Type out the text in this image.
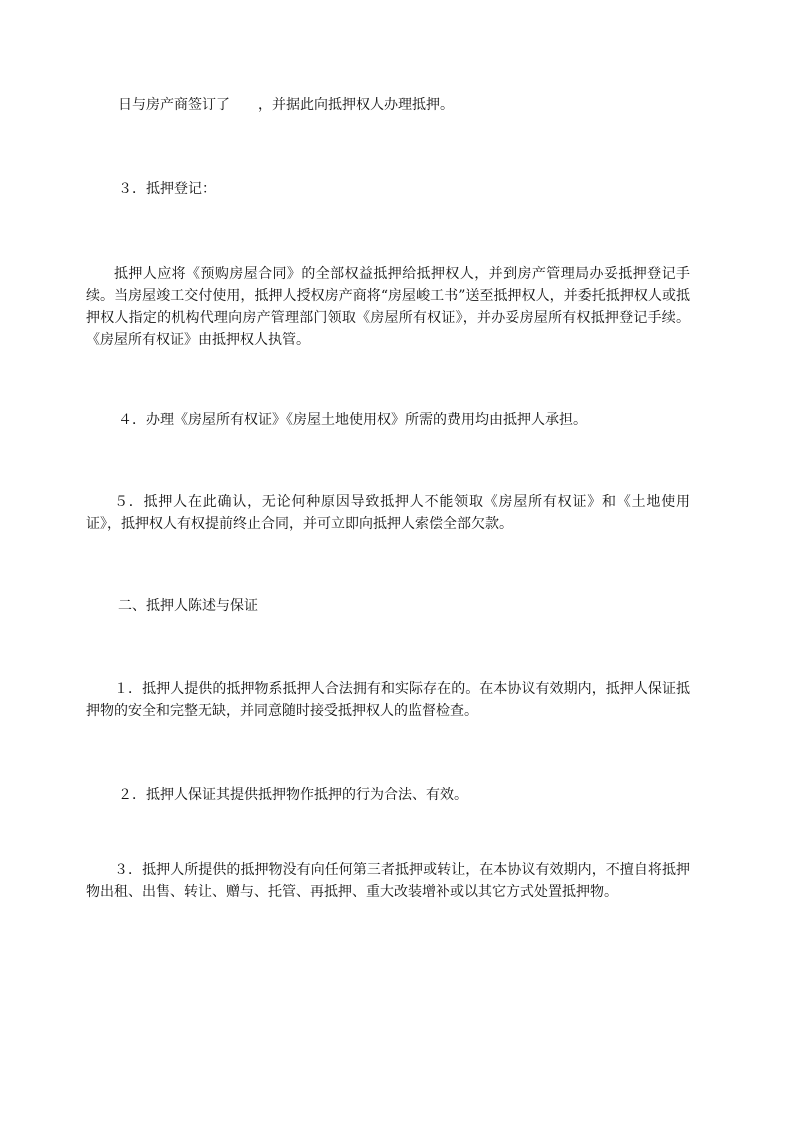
日与房产商签订了　　，并据此向抵押权人办理抵押。

３．抵押登记：

抵押人应将《预购房屋合同》的全部权益抵押给抵押权人，并到房产管理局办妥抵押登记手续。当房屋竣工交付使用，抵押人授权房产商将“房屋峻工书”送至抵押权人，并委托抵押权人或抵押权人指定的机构代理向房产管理部门领取《房屋所有权证》，并办妥房屋所有权抵押登记手续。《房屋所有权证》由抵押权人执管。

４．办理《房屋所有权证》《房屋土地使用权》所需的费用均由抵押人承担。

５．抵押人在此确认，无论何种原因导致抵押人不能领取《房屋所有权证》和《土地使用证》，抵押权人有权提前终止合同，并可立即向抵押人索偿全部欠款。

二、抵押人陈述与保证

１．抵押人提供的抵押物系抵押人合法拥有和实际存在的。在本协议有效期内，抵押人保证抵押物的安全和完整无缺，并同意随时接受抵押权人的监督检查。

２．抵押人保证其提供抵押物作抵押的行为合法、有效。

３．抵押人所提供的抵押物没有向任何第三者抵押或转让，在本协议有效期内，不擅自将抵押物出租、出售、转让、赠与、托管、再抵押、重大改装增补或以其它方式处置抵押物。
